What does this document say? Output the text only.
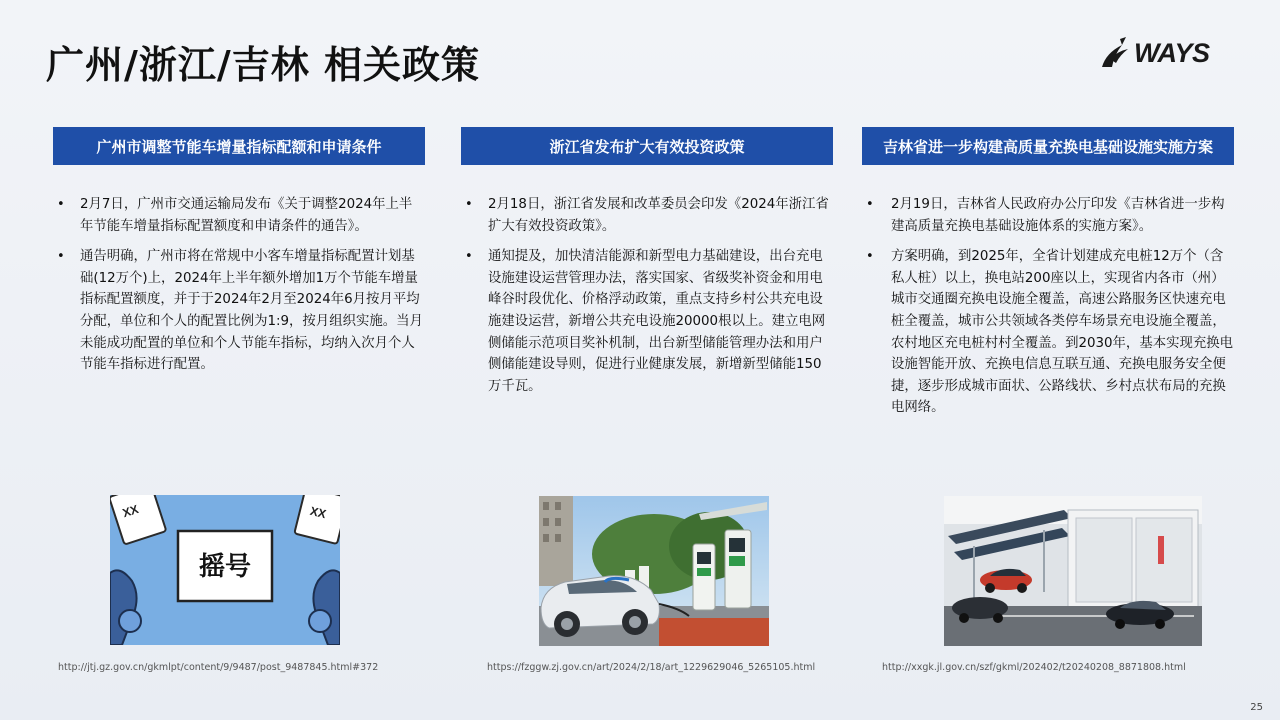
广州/浙江/吉林 相关政策	WAYS
广州市调整节能车增量指标配额和申请条件
• 2月7日，广州市交通运输局发布《关于调整2024年上半年节能车增量指标配置额度和申请条件的通告》。
• 通告明确，广州市将在常规中小客车增量指标配置计划基础(12万个)上，2024年上半年额外增加1万个节能车增量指标配置额度，并于于2024年2月至2024年6月按月平均分配，单位和个人的配置比例为1:9，按月组织实施。当月未能成功配置的单位和个人节能车指标，均纳入次月个人节能车指标进行配置。
浙江省发布扩大有效投资政策
• 2月18日，浙江省发展和改革委员会印发《2024年浙江省扩大有效投资政策》。
• 通知提及，加快清洁能源和新型电力基础建设，出台充电设施建设运营管理办法，落实国家、省级奖补资金和用电峰谷时段优化、价格浮动政策，重点支持乡村公共充电设施建设运营，新增公共充电设施20000根以上。建立电网侧储能示范项目奖补机制，出台新型储能管理办法和用户侧储能建设导则，促进行业健康发展，新增新型储能150万千瓦。
吉林省进一步构建高质量充换电基础设施实施方案
• 2月19日，吉林省人民政府办公厅印发《吉林省进一步构建高质量充换电基础设施体系的实施方案》。
• 方案明确，到2025年，全省计划建成充电桩12万个（含私人桩）以上，换电站200座以上，实现省内各市（州）城市交通圈充换电设施全覆盖，高速公路服务区快速充电桩全覆盖，城市公共领域各类停车场景充电设施全覆盖，农村地区充电桩村村全覆盖。到2030年，基本实现充换电设施智能开放、充换电信息互联互通、充换电服务安全便捷，逐步形成城市面状、公路线状、乡村点状布局的充换电网络。
XX	XX
摇号
http://jtj.gz.gov.cn/gkmlpt/content/9/9487/post_9487845.html#372	https://fzggw.zj.gov.cn/art/2024/2/18/art_1229629046_5265105.html	http://xxgk.jl.gov.cn/szf/gkml/202402/t20240208_8871808.html
25
